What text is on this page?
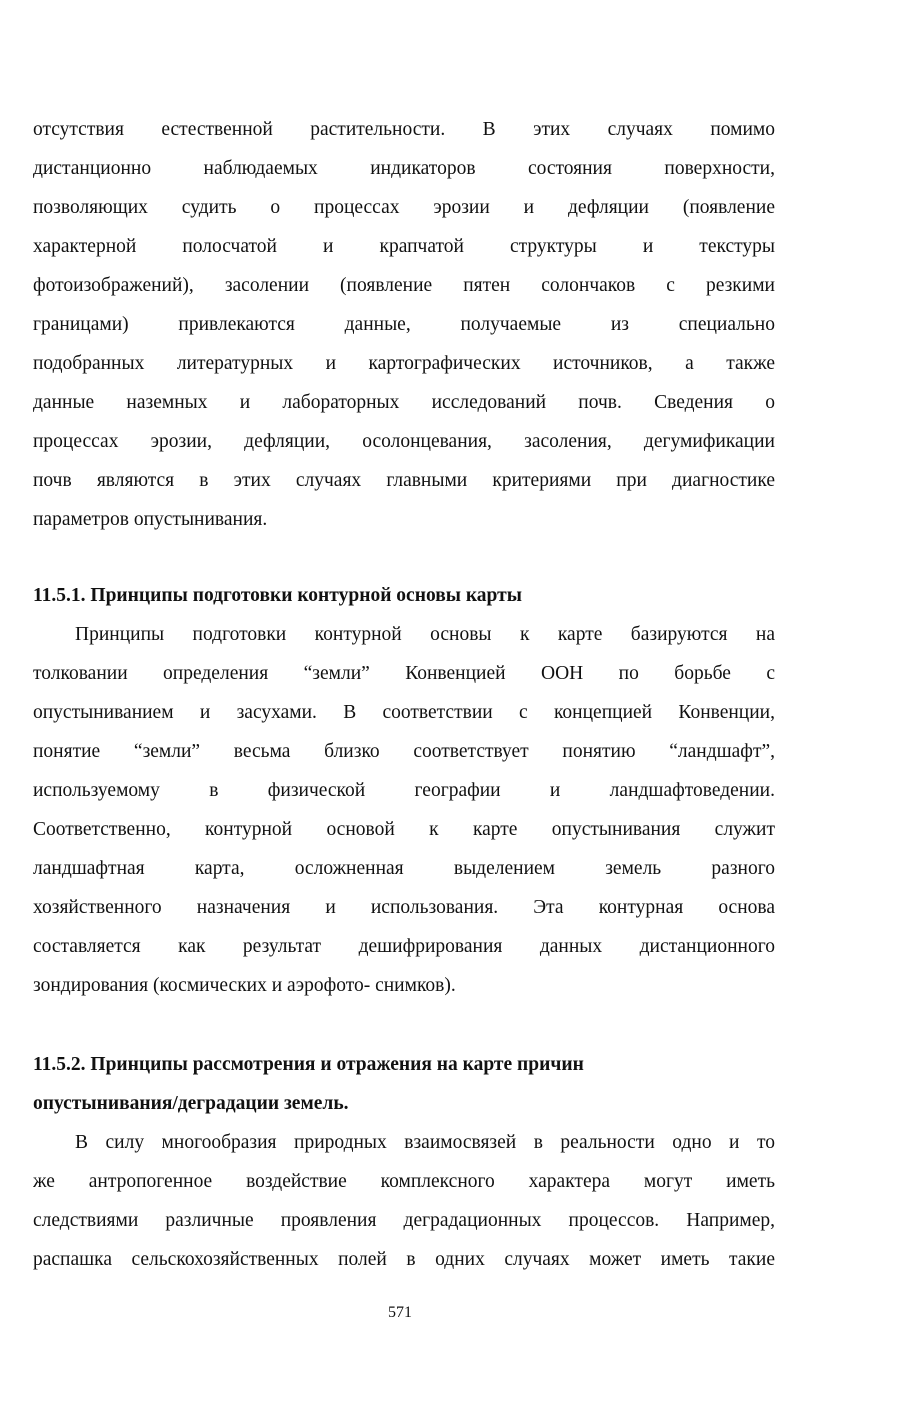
отсутствия естественной растительности. В этих случаях помимо
дистанционно наблюдаемых индикаторов состояния поверхности,
позволяющих судить о процессах эрозии и дефляции (появление
характерной полосчатой и крапчатой структуры и текстуры
фотоизображений), засолении (появление пятен солончаков с резкими
границами) привлекаются данные, получаемые из специально
подобранных литературных и картографических источников, а также
данные наземных и лабораторных исследований почв. Сведения о
процессах эрозии, дефляции, осолонцевания, засоления, дегумификации
почв являются в этих случаях главными критериями при диагностике
параметров опустынивания.
11.5.1. Принципы подготовки контурной основы карты
Принципы подготовки контурной основы к карте базируются на
толковании определения “земли” Конвенцией ООН по борьбе с
опустыниванием и засухами. В соответствии с концепцией Конвенции,
понятие “земли” весьма близко соответствует понятию “ландшафт”,
используемому в физической географии и ландшафтоведении.
Соответственно, контурной основой к карте опустынивания служит
ландшафтная карта, осложненная выделением земель разного
хозяйственного назначения и использования. Эта контурная основа
составляется как результат дешифрирования данных дистанционного
зондирования (космических и аэрофото- снимков).
11.5.2. Принципы рассмотрения и отражения на карте причин
опустынивания/деградации земель.
В силу многообразия природных взаимосвязей в реальности одно и то
же антропогенное воздействие комплексного характера могут иметь
следствиями различные проявления деградационных процессов. Например,
распашка сельскохозяйственных полей в одних случаях может иметь такие
571
